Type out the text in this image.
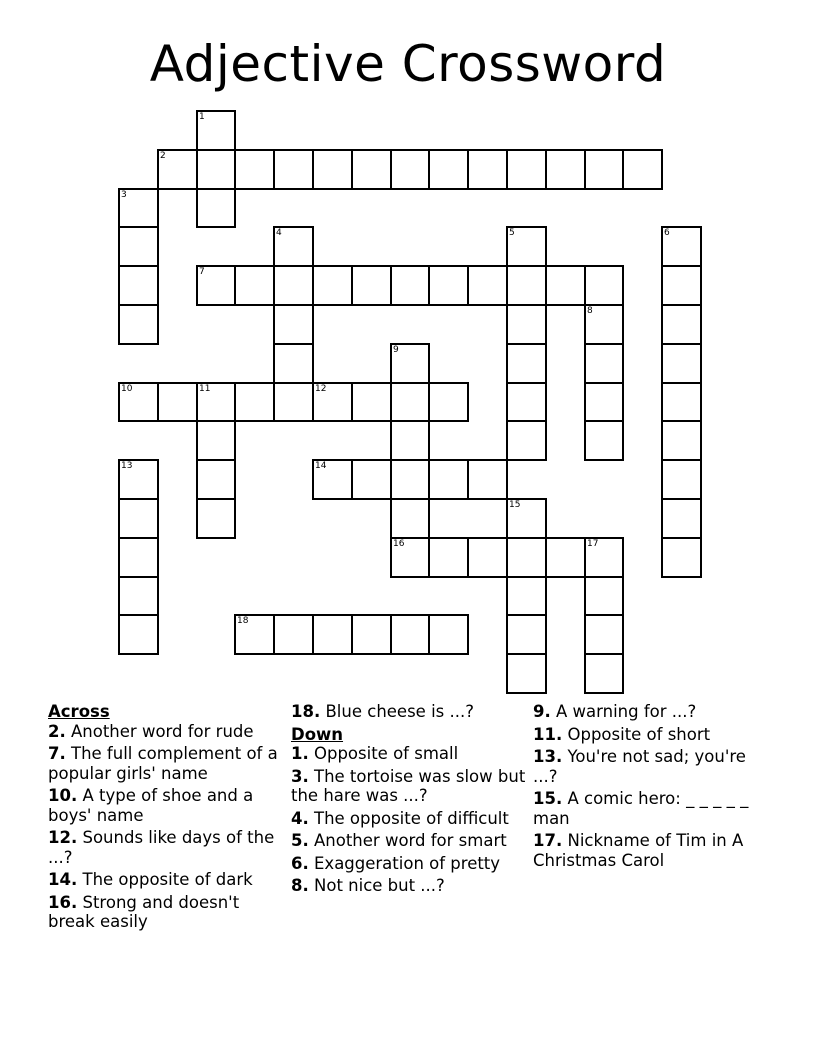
Adjective Crossword
1
2
3
4	5	6
7
8
9
16
10	11	12
13	14
15
17
18

Across

2. Another word for rude

7. The full complement of a popular girls' name

10. A type of shoe and a boys' name

12. Sounds like days of the ...?

14. The opposite of dark

16. Strong and doesn't break easily

18. Blue cheese is ...?

Down

1. Opposite of small

3. The tortoise was slow but the hare was ...?

4. The opposite of difficult

5. Another word for smart

6. Exaggeration of pretty

8. Not nice but ...?

9. A warning for ...?

11. Opposite of short

13. You're not sad; you're ...?

15. A comic hero: _ _ _ _ _ man

17. Nickname of Tim in A Christmas Carol
